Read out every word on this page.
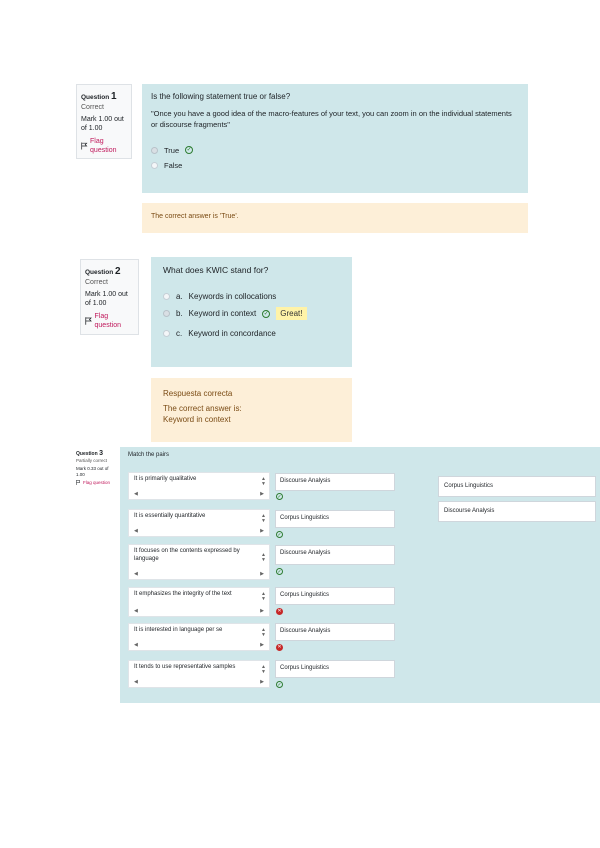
Question 1
Correct
Mark 1.00 out of 1.00
Flag question
Is the following statement true or false?
"Once you have a good idea of the macro-features of your text, you can zoom in on the individual statements or discourse fragments"
True ✓
False
The correct answer is 'True'.
Question 2
Correct
Mark 1.00 out of 1.00
Flag question
What does KWIC stand for?
a. Keywords in collocations
b. Keyword in context ✓	Great!
c. Keyword in concordance
Respuesta correcta
The correct answer is:
Keyword in context
Question 3
Partially correct
Mark 0.33 out of 1.00
Flag question
Match the pairs
It is primarily qualitative	▲
▼
◀	▶
Discourse Analysis
✓
It is essentially quantitative	▲
▼
◀	▶
Corpus Linguistics
✓
It focuses on the contents expressed by language
▲
▼
◀	▶
Discourse Analysis
✓
It emphasizes the integrity of the text	▲
▼
◀	▶
Corpus Linguistics
✕
It is interested in language per se	▲
▼
◀	▶
Discourse Analysis
✕
It tends to use representative samples	▲
▼
◀	▶
Corpus Linguistics
✓
Corpus Linguistics
Discourse Analysis
